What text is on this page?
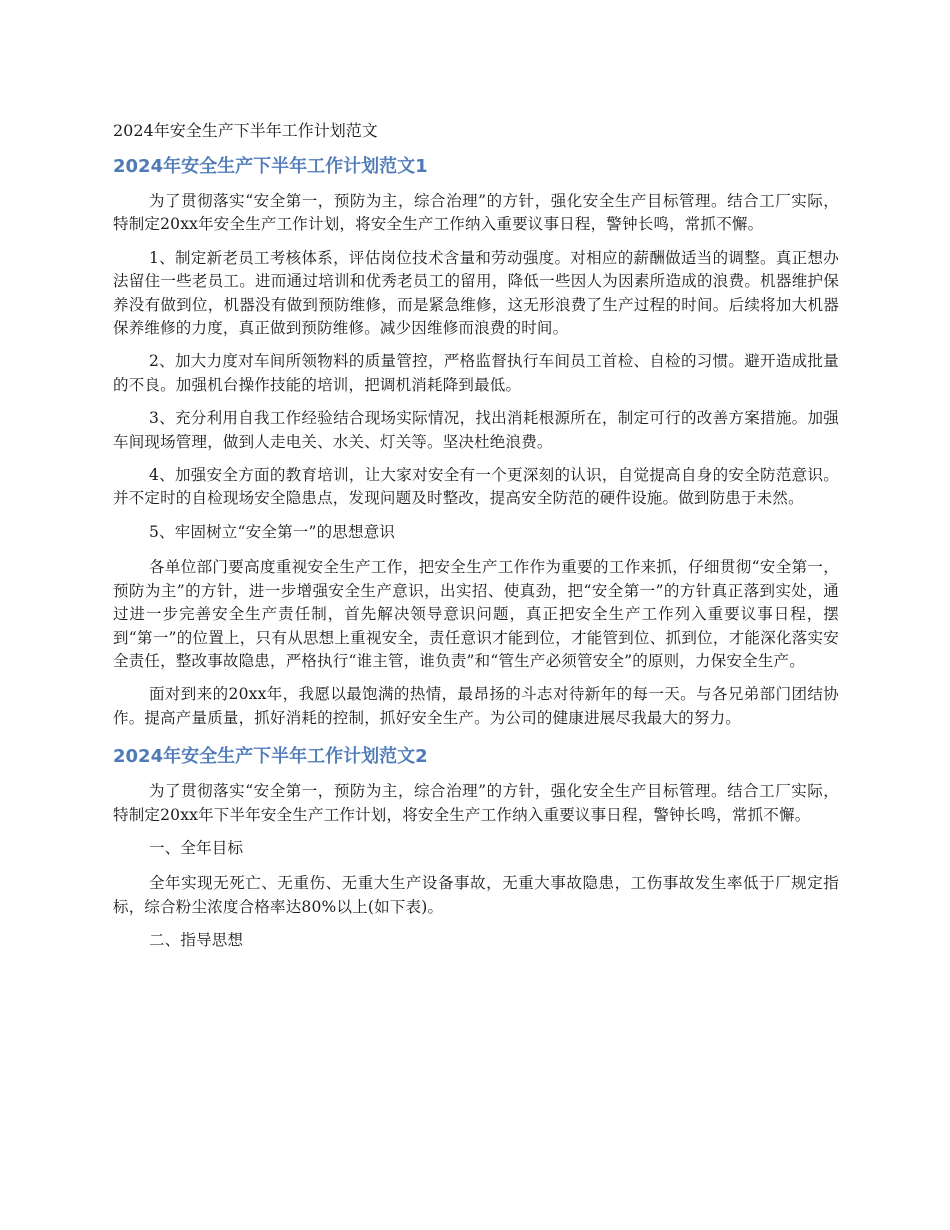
2024年安全生产下半年工作计划范文
2024年安全生产下半年工作计划范文1

为了贯彻落实“安全第一，预防为主，综合治理”的方针，强化安全生产目标管理。结合工厂实际，特制定20xx年安全生产工作计划，将安全生产工作纳入重要议事日程，警钟长鸣，常抓不懈。

1、制定新老员工考核体系，评估岗位技术含量和劳动强度。对相应的薪酬做适当的调整。真正想办法留住一些老员工。进而通过培训和优秀老员工的留用，降低一些因人为因素所造成的浪费。机器维护保养没有做到位，机器没有做到预防维修，而是紧急维修，这无形浪费了生产过程的时间。后续将加大机器保养维修的力度，真正做到预防维修。减少因维修而浪费的时间。

2、加大力度对车间所领物料的质量管控，严格监督执行车间员工首检、自检的习惯。避开造成批量的不良。加强机台操作技能的培训，把调机消耗降到最低。

3、充分利用自我工作经验结合现场实际情况，找出消耗根源所在，制定可行的改善方案措施。加强车间现场管理，做到人走电关、水关、灯关等。坚决杜绝浪费。

4、加强安全方面的教育培训，让大家对安全有一个更深刻的认识，自觉提高自身的安全防范意识。并不定时的自检现场安全隐患点，发现问题及时整改，提高安全防范的硬件设施。做到防患于未然。

5、牢固树立“安全第一”的思想意识

各单位部门要高度重视安全生产工作，把安全生产工作作为重要的工作来抓，仔细贯彻“安全第一，预防为主”的方针，进一步增强安全生产意识，出实招、使真劲，把“安全第一”的方针真正落到实处，通过进一步完善安全生产责任制，首先解决领导意识问题，真正把安全生产工作列入重要议事日程，摆到“第一”的位置上，只有从思想上重视安全，责任意识才能到位，才能管到位、抓到位，才能深化落实安全责任，整改事故隐患，严格执行“谁主管，谁负责”和“管生产必须管安全”的原则，力保安全生产。

面对到来的20xx年，我愿以最饱满的热情，最昂扬的斗志对待新年的每一天。与各兄弟部门团结协作。提高产量质量，抓好消耗的控制，抓好安全生产。为公司的健康进展尽我最大的努力。

2024年安全生产下半年工作计划范文2

为了贯彻落实“安全第一，预防为主，综合治理”的方针，强化安全生产目标管理。结合工厂实际，特制定20xx年下半年安全生产工作计划，将安全生产工作纳入重要议事日程，警钟长鸣，常抓不懈。

一、全年目标

全年实现无死亡、无重伤、无重大生产设备事故，无重大事故隐患，工伤事故发生率低于厂规定指标，综合粉尘浓度合格率达80%以上(如下表)。

二、指导思想
